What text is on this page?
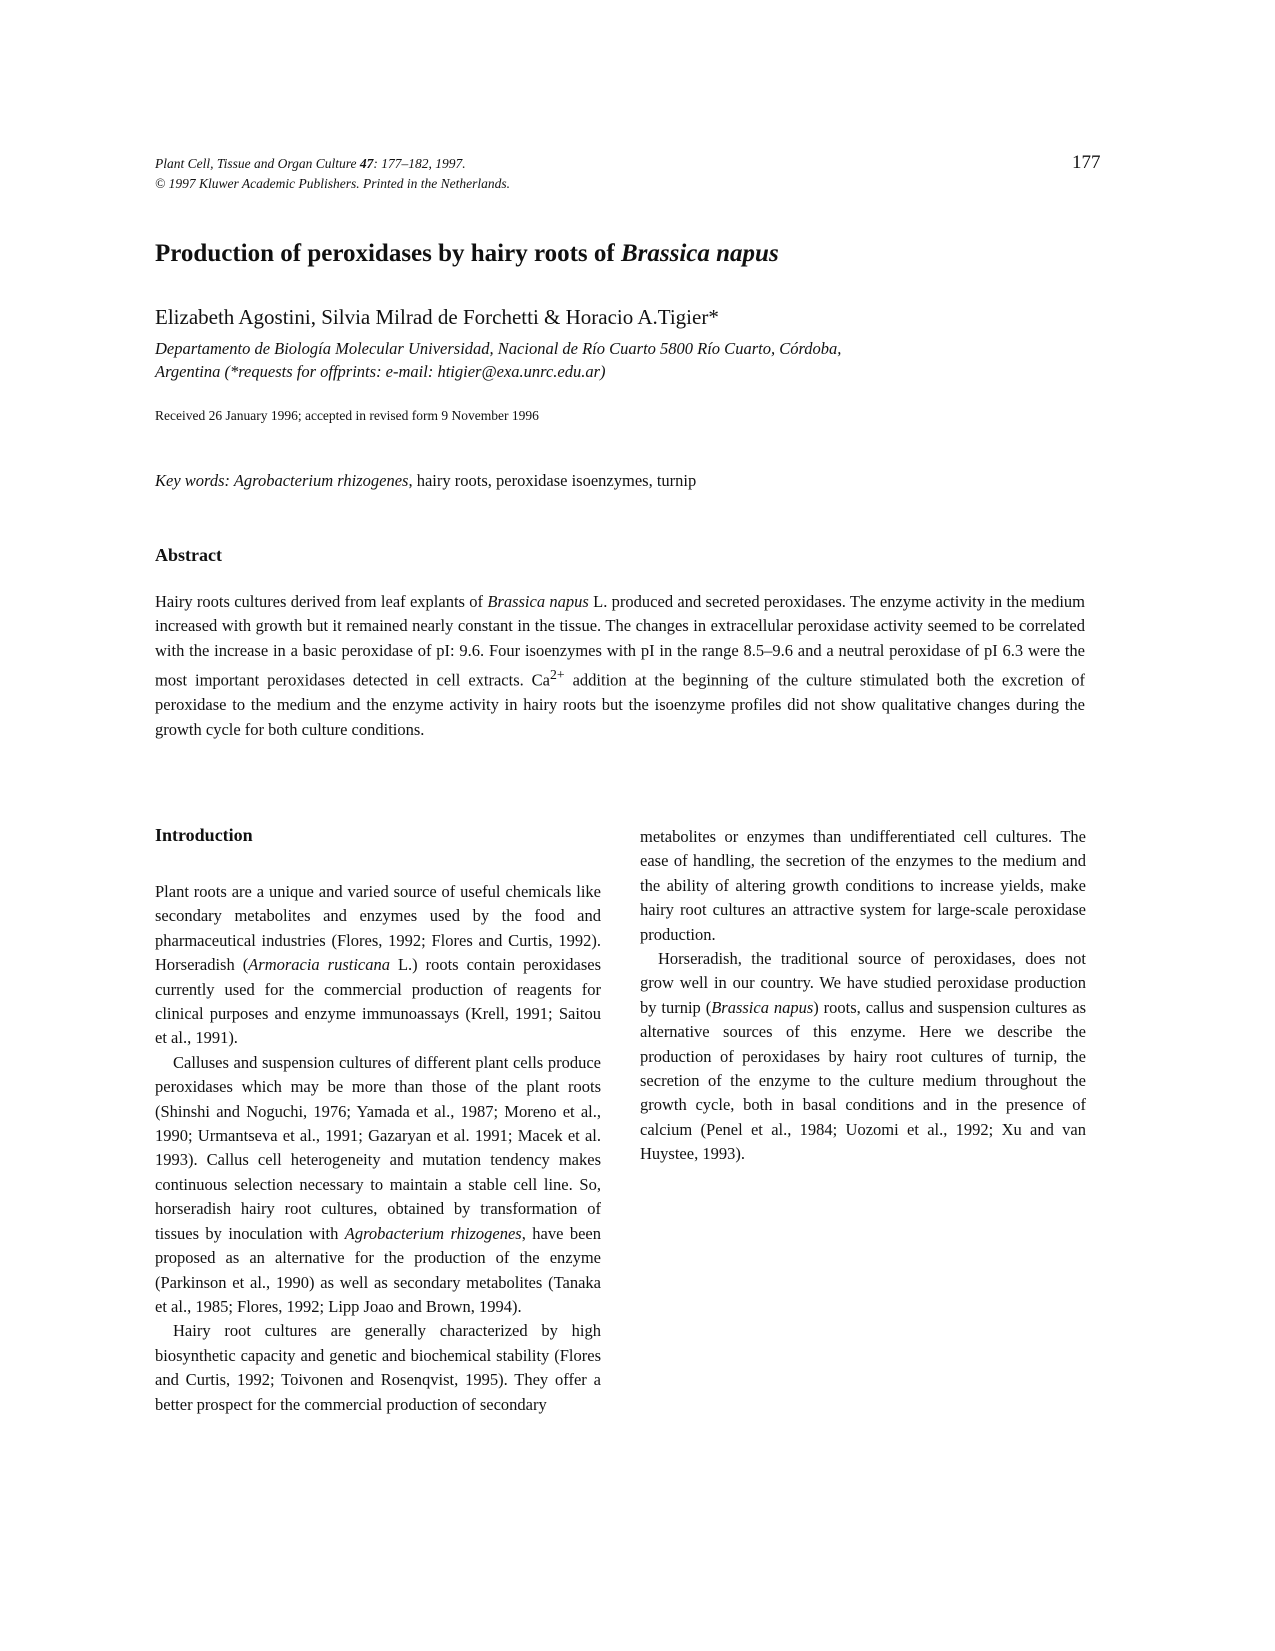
Plant Cell, Tissue and Organ Culture 47: 177–182, 1997.
© 1997 Kluwer Academic Publishers. Printed in the Netherlands.
177
Production of peroxidases by hairy roots of Brassica napus
Elizabeth Agostini, Silvia Milrad de Forchetti & Horacio A.Tigier*
Departamento de Biología Molecular Universidad, Nacional de Río Cuarto 5800 Río Cuarto, Córdoba,
Argentina (*requests for offprints: e-mail: htigier@exa.unrc.edu.ar)
Received 26 January 1996; accepted in revised form 9 November 1996
Key words: Agrobacterium rhizogenes, hairy roots, peroxidase isoenzymes, turnip
Abstract
Hairy roots cultures derived from leaf explants of Brassica napus L. produced and secreted peroxidases. The enzyme activity in the medium increased with growth but it remained nearly constant in the tissue. The changes in extracellular peroxidase activity seemed to be correlated with the increase in a basic peroxidase of pI: 9.6. Four isoenzymes with pI in the range 8.5–9.6 and a neutral peroxidase of pI 6.3 were the most important peroxidases detected in cell extracts. $Ca^{2+}$ addition at the beginning of the culture stimulated both the excretion of peroxidase to the medium and the enzyme activity in hairy roots but the isoenzyme profiles did not show qualitative changes during the growth cycle for both culture conditions.
Introduction

Plant roots are a unique and varied source of useful chemicals like secondary metabolites and enzymes used by the food and pharmaceutical industries (Flores, 1992; Flores and Curtis, 1992). Horseradish (Armoracia rusticana L.) roots contain peroxidases currently used for the commercial production of reagents for clinical purposes and enzyme immunoassays (Krell, 1991; Saitou et al., 1991).

Calluses and suspension cultures of different plant cells produce peroxidases which may be more than those of the plant roots (Shinshi and Noguchi, 1976; Yamada et al., 1987; Moreno et al., 1990; Urmantseva et al., 1991; Gazaryan et al. 1991; Macek et al. 1993). Callus cell heterogeneity and mutation tendency makes continuous selection necessary to maintain a stable cell line. So, horseradish hairy root cultures, obtained by transformation of tissues by inoculation with Agrobacterium rhizogenes, have been proposed as an alternative for the production of the enzyme (Parkinson et al., 1990) as well as secondary metabolites (Tanaka et al., 1985; Flores, 1992; Lipp Joao and Brown, 1994).

Hairy root cultures are generally characterized by high biosynthetic capacity and genetic and biochemical stability (Flores and Curtis, 1992; Toivonen and Rosenqvist, 1995). They offer a better prospect for the commercial production of secondary

metabolites or enzymes than undifferentiated cell cultures. The ease of handling, the secretion of the enzymes to the medium and the ability of altering growth conditions to increase yields, make hairy root cultures an attractive system for large-scale peroxidase production.

Horseradish, the traditional source of peroxidases, does not grow well in our country. We have studied peroxidase production by turnip (Brassica napus) roots, callus and suspension cultures as alternative sources of this enzyme. Here we describe the production of peroxidases by hairy root cultures of turnip, the secretion of the enzyme to the culture medium throughout the growth cycle, both in basal conditions and in the presence of calcium (Penel et al., 1984; Uozomi et al., 1992; Xu and van Huystee, 1993).
